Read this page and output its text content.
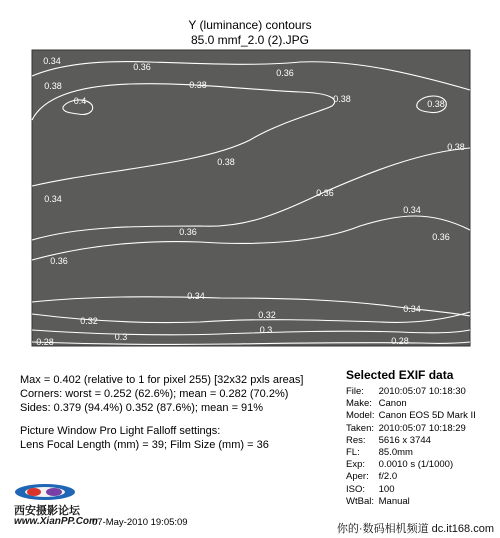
Y (luminance) contours
85.0 mmf_2.0 (2).JPG
0.34
0.36
0.36
0.38	0.38
0.4	0.38	0.38
0.38
0.36
0.36
0.38
0.34
0.36
0.34
0.32
0.32
0.3
0.3
0.28	0.28
0.34
0.36
0.34
Max = 0.402 (relative to 1 for pixel 255) [32x32 pxls areas]
Corners: worst = 0.252 (62.6%); mean = 0.282 (70.2%)
Sides: 0.379 (94.4%) 0.352 (87.6%); mean = 91%
Picture Window Pro Light Falloff settings:
Lens Focal Length (mm) = 39; Film Size (mm) = 36
Selected EXIF data
File: 2010:05:07 10:18:30
Make: Canon
Model: Canon EOS 5D Mark II
Taken: 2010:05:07 10:18:29
Res: 5616 x 3744
FL: 85.0mm
Exp: 0.0010 s (1/1000)
Aper: f/2.0
ISO: 100
WtBal: Manual
西安摄影论坛
www.XianPP.Com
07-May-2010 19:05:09
你的·数码相机频道 dc.it168.com
